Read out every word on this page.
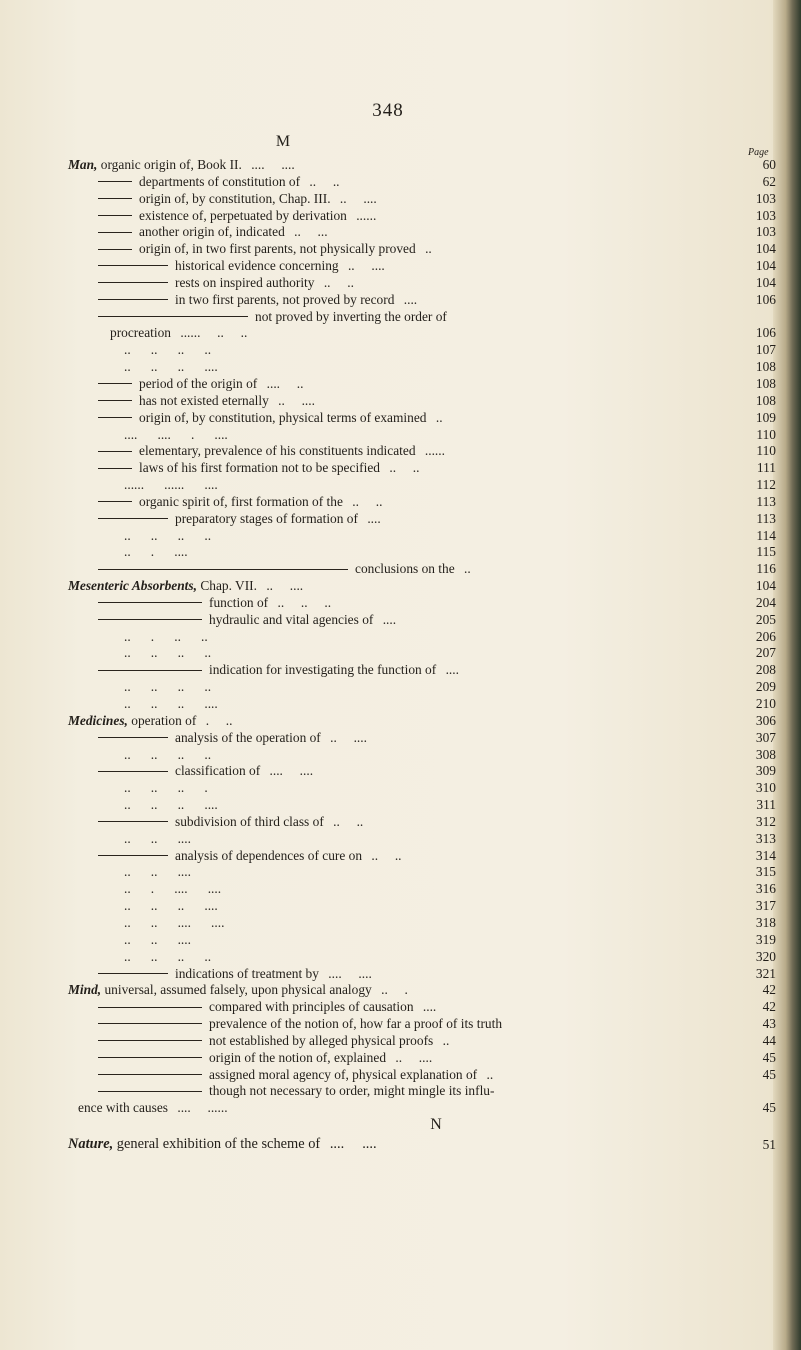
348
M
Page
Man, organic origin of, Book II. ....     ....	60
departments of constitution of ..     ..	62
origin of, by constitution, Chap. III. ..     ....	103
existence of, perpetuated by derivation ......	103
another origin of, indicated ..     ...	103
origin of, in two first parents, not physically proved ..	104
historical evidence concerning ..     ....	104
rests on inspired authority ..     ..	104
in two first parents, not proved by record ....	106
not proved by inverting the order of
procreation ......     ..     ..	106
..      ..      ..      ..	107
..      ..      ..      ....	108
period of the origin of ....     ..	108
has not existed eternally ..     ....	108
origin of, by constitution, physical terms of examined ..	109
....      ....      .      ....	110
elementary, prevalence of his constituents indicated ......	110
laws of his first formation not to be specified ..     ..	111
......      ......      ....	112
organic spirit of, first formation of the ..     ..	113
preparatory stages of formation of ....	113
..      ..      ..      ..	114
..      .      ....	115
conclusions on the ..	116
Mesenteric Absorbents, Chap. VII. ..     ....	104
function of ..     ..     ..	204
hydraulic and vital agencies of ....	205
..      .      ..      ..	206
..      ..      ..      ..	207
indication for investigating the function of ....	208
..      ..      ..      ..	209
..      ..      ..      ....	210
Medicines, operation of .     ..	306
analysis of the operation of ..     ....	307
..      ..      ..      ..	308
classification of ....     ....	309
..      ..      ..      .	310
..      ..      ..      ....	311
subdivision of third class of ..     ..	312
..      ..      ....	313
analysis of dependences of cure on ..     ..	314
..      ..      ....	315
..      .      ....      ....	316
..      ..      ..      ....	317
..      ..      ....      ....	318
..      ..      ....	319
..      ..      ..      ..	320
indications of treatment by ....     ....	321
Mind, universal, assumed falsely, upon physical analogy ..     .	42
compared with principles of causation ....	42
prevalence of the notion of, how far a proof of its truth	43
not established by alleged physical proofs ..	44
origin of the notion of, explained ..     ....	45
assigned moral agency of, physical explanation of ..	45
though not necessary to order, might mingle its influ-
ence with causes ....     ......	45
N
Nature, general exhibition of the scheme of ....     ....	51
